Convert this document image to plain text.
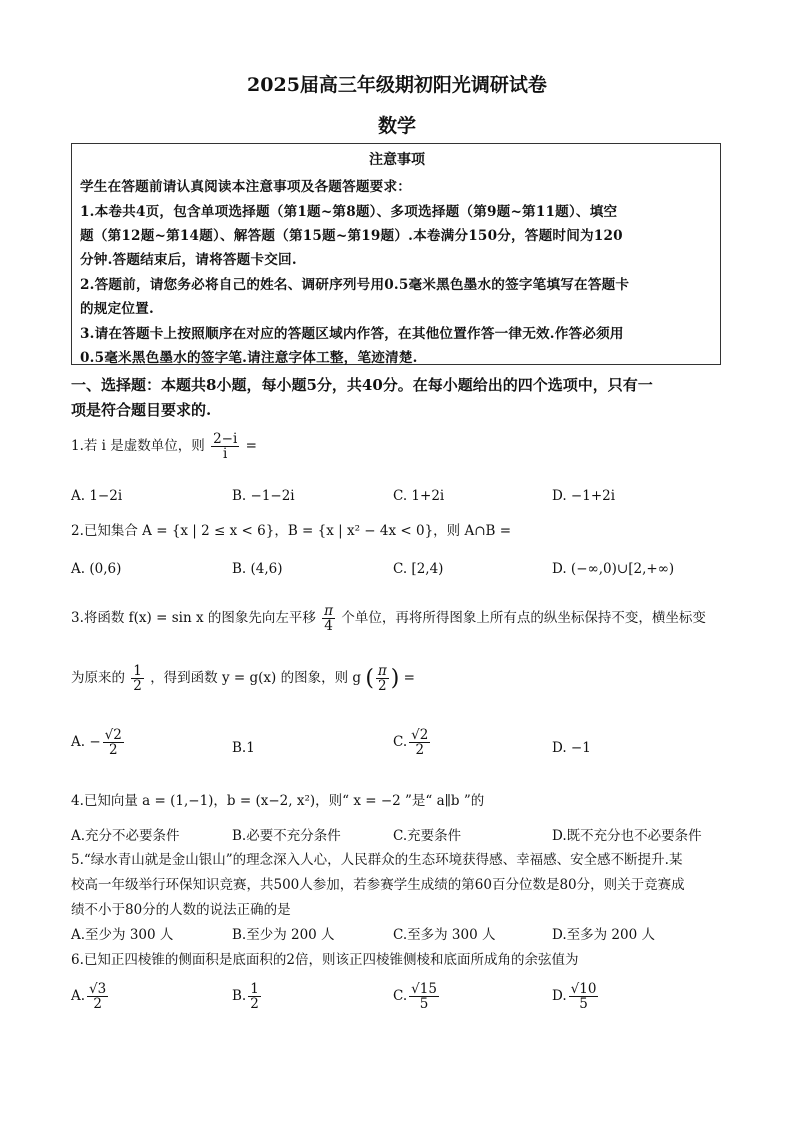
2025届高三年级期初阳光调研试卷
数学
注意事项
学生在答题前请认真阅读本注意事项及各题答题要求：
1.本卷共4页，包含单项选择题（第1题~第8题）、多项选择题（第9题~第11题）、填空
题（第12题~第14题）、解答题（第15题~第19题）.本卷满分150分，答题时间为120
分钟.答题结束后，请将答题卡交回.
2.答题前，请您务必将自己的姓名、调研序列号用0.5毫米黑色墨水的签字笔填写在答题卡
的规定位置.
3.请在答题卡上按照顺序在对应的答题区域内作答，在其他位置作答一律无效.作答必须用
0.5毫米黑色墨水的签字笔.请注意字体工整，笔迹清楚.
一、选择题：本题共8小题，每小题5分，共40分。在每小题给出的四个选项中，只有一
项是符合题目要求的.
1.若 i 是虚数单位，则 $\frac{2-i}{i}$ =
A. 1−2i	B. −1−2i	C. 1+2i	D. −1+2i
2.已知集合 A = {x | 2 ≤ x < 6}，B = {x | x² − 4x < 0}，则 A∩B =
A. (0,6)	B. (4,6)	C. [2,4)	D. (−∞,0)∪[2,+∞)
3.将函数 f(x) = sin x 的图象先向左平移 $\frac{\pi}{4}$ 个单位，再将所得图象上所有点的纵坐标保持不变，横坐标变
为原来的 $\frac{1}{2}$ ，得到函数 y = g(x) 的图象，则 g ( $\frac{\pi}{2}$ ) =
A. − $\frac{√2}{2}$	B.1	C. $\frac{√2}{2}$	D. −1
4.已知向量 a = (1,−1)，b = (x−2, x²)，则“ x = −2 ”是“ a∥b ”的
A.充分不必要条件	B.必要不充分条件	C.充要条件	D.既不充分也不必要条件
5.“绿水青山就是金山银山”的理念深入人心，人民群众的生态环境获得感、幸福感、安全感不断提升.某
校高一年级举行环保知识竞赛，共500人参加，若参赛学生成绩的第60百分位数是80分，则关于竞赛成
绩不小于80分的人数的说法正确的是
A.至少为 300 人	B.至少为 200 人	C.至多为 300 人	D.至多为 200 人
6.已知正四棱锥的侧面积是底面积的2倍，则该正四棱锥侧棱和底面所成角的余弦值为
A. $\frac{√3}{2}$	B. $\frac{1}{2}$	C. $\frac{√15}{5}$	D. $\frac{√10}{5}$
